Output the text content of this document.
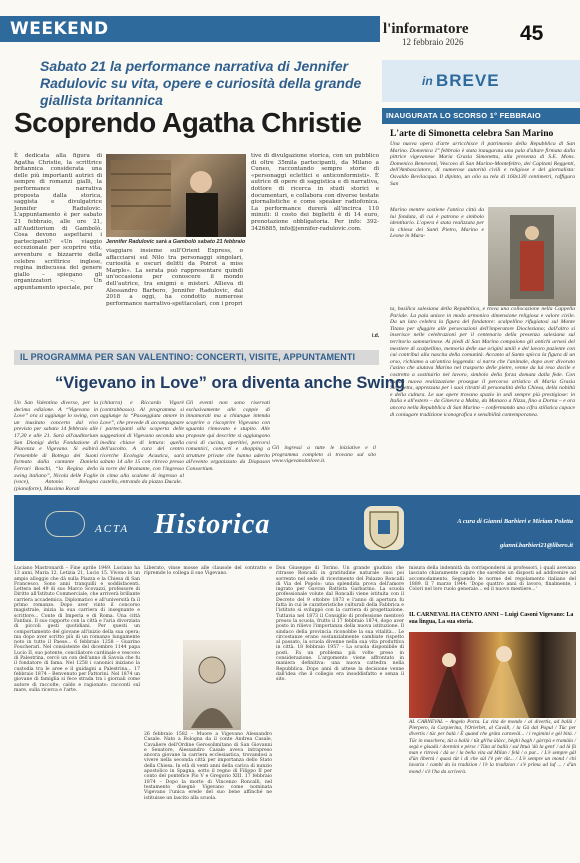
WEEKEND	l'informatore
12 febbraio 2026	45
Sabato 21 la performance narrativa di Jennifer Radulovic su vita, opere e curiosità della grande giallista britannica
Scoprendo Agatha Christie
È dedicata alla figura di Agatha Christie, la scrittrice britannica considerata una delle più importanti autrici di sempre di romanzi gialli, la performance narrativa proposta dalla storica, saggista e divulgatrice Jennifer Radulovic. L'appuntamento è per sabato 21 febbraio, alle ore 21, all'Auditorium di Gambolò. Cosa devono aspettarsi i partecipanti? «Un viaggio eccezionale per scoprire vita, avventure e bizzarrie della celebre scrittrice inglese, regina indiscussa del genere giallo – spiegano gli organizzatori –. Un appuntamento speciale, per
Jennifer Radulovic sarà a Gambolò sabato 21 febbraio
viaggiare insieme sull'Orient Express, o affacciarsi sul Nilo tra personaggi singolari, curiosità e oscuri delitti da Poirot a miss Marple». La serata può rappresentare quindi un'occasione per conoscere il mondo dell'autrice, tra enigmi e misteri. Allieva di Alessandro Barbero, Jennifer Radulovic, dal 2018 a oggi, ha condotto numerose performance narrativo-spettacolari, con i propri
tive di divulgazione storica, con un pubblico di oltre 35mila partecipanti, da Milano a Cuneo, raccontando sempre storie di «personaggi eclettici e anticonformisti». È autrice di opere di saggistica e di narrativa, dottore di ricerca in studi storici e documentari, e collabora con diverse testate giornalistiche e come speaker radiofonica. La performance durerà all'incirca 110 minuti: il costo dei biglietti è di 14 euro, prenotazione obbligatoria. Per info: 392-3426885, info@jennifer-radulovic.com.
i.d.
in BREVE
INAUGURATA LO SCORSO 1° FEBBRAIO
L'arte di Simonetta celebra San Marino
Una nuova opera d'arte arricchisce il patrimonio della Repubblica di San Marino. Domenica 1° febbraio è stata inaugurata una pala d'altare firmata dalla pittrice vigevanese Maria Grazia Simonetta, alla presenza di S.E. Mons. Domenico Beneventi, Vescovo di San Marino-Montefeltro, dei Capitani Reggenti, dell'Ambasciatore, di numerose autorità civili e religiose e del giornalista: Osvaldo Bevilacqua. Il dipinto, un olio su tela di 160x130 centimetri, raffigura San
Marino mentre sostiene l'antica città da lui fondata, di cui è patrono e simbolo identitario. L'opera è stata realizzata per la chiesa dei Santi Pietro, Marino e Leone in Mura-
ta, basilica salesiana della Repubblica, e trova una collocazione nella Cappella Pariale. La pala unisce in modo armonico dimensione religiosa e valore civile. Da un lato celebra la figura del fondatore: scalpellino rifugiatosi sul Monte Titano per sfuggire alle persecuzioni dell'imperatore Diocleziano; dall'altro si inserisce nelle celebrazioni per il centenario della presenza salesiana sul territorio sammarinese. Ai piedi di San Marino compaiono gli antichi arnesi del mestiere di scalpellino, memoria delle sue origini umili e del lavoro paziente con cui contribuì alla nascita della comunità. Accanto al Santo spicca la figura di un orso, richiamo a un'antica leggenda: si narra che l'animale, dopo aver divorato l'asino che aiutava Marino nel trasporto delle pietre, venne da lui reso docile e costretto a sostituirlo nel lavoro, simbolo della forza domata dalla fede. Con questa nuova realizzazione prosegue il percorso artistico di Maria Grazia Simonetta, apprezzata per i suoi ritratti di personalità della Chiesa, della nobiltà e della cultura. Le sue opere trovano spazio in sedi sempre più prestigiose: in Italia e all'estero – da Ginevra a Malta, da Monaco a Nizza, fino a Dorna – e ora ancora nella Repubblica di San Marino – confermando una cifra stilistica capace di coniugare tradizione iconografica e sensibilità contemporanea.
IL PROGRAMMA PER SAN VALENTINO: CONCERTI, VISITE, APPUNTAMENTI
“Vigevano in Love” ora diventa anche Swing
Un San Valentino diverso, per la decima edizione. A “Vigevano in Love” ora si aggiunge lo swing, con un inusitato concerto dal vivo previsto per sabato 14 febbraio alle 17,30 e alle 21. Sarà all'auditorium San Dionigi della Fondazione di Piacenza e Vigevano. Si esibirà l'ensemble di Bottega dei Suoni formato dalla cantante Daniela Ferrari Boschi, “la Regina dello swing italiano”, Nicola delle Foglie (voce), Antonio Bologna (pianoforte), Massimo Rorati
(chitarra) e Riccardo Vigorè (contrabbasso). Al programma si aggiunge la “Passeggiata amore in Love”, che prevede di accompagnare i partecipanti alla scoperta delle suggestioni di Vigevano seconda una inedita chiave di lettura: quella dell'ascolto. A cura del centro ricerche Ecologia Acustica, sarà sabato 14 alle 15 con ritrovo presso la torre del Bramante, con l'ingresso in cima alla scalone di ingresso al castello, entrando da piazza Ducale.
Gli eventi non sono riservati esclusivamente alle coppie di innamorati ma a chiunque intenda scoprire o riscoprire Vigevano con sguardo rinnovato e stupito. Alle proposte qui descritte si aggiungono corsi di cucina, aperitivi, percorsi romantici, concerti e shopping a strutture private che hanno aderito all'evento organizzato da Diapason Consortium.
Gli ingressi a tutte le iniziative e il programma completo si trovano sul sito www.vigevanointlove.it.
ACTA Historica	A cura di Gianni Barbieri e Miriam Poletta
gianni.barbieri21@libero.it
Luciano Mastronardi – Fine aprile 1949. Luciano ha 13 anni, Maria 12, Letizia 21, Lucio 15. Vivono in un ampio alloggio che dà sulla Piazza e la Chiesa di San Francesco. Sono anni tranquilli e soddisfacenti. Lettera nel 49 di suo Marco Scovazzi, professore di Diritto all'Istituto Commerciale, che arriverà brillante carriera accademica. Diplomatico e all'università fa il primo romanzo. Dopo aver vinto il concorso magistrale, inizia la sua carriera di insegnante e scrittore... Conte di Imperia e di Roma. Una città Fanfani. Il suo rapporto con la città e l'aria divorziata di piccoli gesti quotidiani. Per questi un comportamento del giovane all'inizio della sua opera; ma dopo aver scritto più di un romanzo lungamente noto in tutto il Paese... 6 febbraio 1258 – Guarino Foucherari. Nel consistente del dicembre 1144 papa Lucio II, suo potente, conciliatore cardinale e vescovo di Palestrina, cercò un con dell'anno di Savoia che fu il fondatore di fama. Nel 1258 i canonici iniziano la custodia tra le aree e il guidagni a Palestrina... 17 febbraio 1874 – Benvenuto per Fattorini. Nel 1874 un giovane di famiglia si fece strada tra i giornali come autore di raccolte, caldo e ragionato: racconti sul mare, sulla ricerca e l'arte.
Liberato, vinse mosse alle clausole del contratto e ripremde lo collega il suo Vigevano.
26 febbraio 1582 – Muore a Vigevano Alessandro Casale. Nato a Bologna da il conte Andrea Casale, Cavaliere dell'Ordine Gerosolimitano di San Giovanni e Senatore, Alessandro Casale aveva intrapreso ancora giovane la carriera ecclesiastica, trovandosi a vivere nella seconda città per importanza dello Stato della Chiesa. In età di venti anni della carica di nunzio apostolico in Spagna, sotto il regno di Filippo II per conto del pontefice Pio V e Gregorio XIII. 17 febbraio 1874 – Dopo la morte di Vincenzo Roncalli, nel testamento disegnò Vigevano come nominata Vigevano l'unica erede del suo bene affinché ne istituisse un lascito alla scuola.
Don Giuseppe di Torino. Un grande giudizio che ritrasse Roncalli in gratitudine naturale suoi poi sorrento nel sede di ricevimento del Palazzo Roncalli di Via del Popolo: una splendida prova dell'amore ingrato per Gavran Battista Garbarino. La scuola professionale volute dal Roncalli viene istituita con il Decreto del 9 ottobre 1873 e l'anno di apertura fu fatta in cui le caratteristiche culturali della Fabbrica e l'istituto si sviluppò con la carriera di progettazione. Tuttavia nel 1873 il Consiglio di professione mentovò presso la scuola, frutto il 17 febbraio 1874, dopo aver posto in rilievo l'importanza della nuova istituzione. Il sindaco della provincia riconobbe la sua vitalità... Le circostanze erano sostanzialmente cambiate rispetto al passato, la scuola divenne nella sua vita produttiva in città. 18 febbraio 1957 – La scuola disponibile di posti. Fa un problema più volte preso in considerazione. L'argomento viene affrontato in maniera definitiva: una nuova cattedra nella Repubblica. Dopo anni di attese la decisione venne dall'idea che il collegio era insoddisfatto e senza il sito.
misura della indennità da corrispondersi ai professori, i quali avevano lasciato chiaramente capire che sarebbe un disposti ad addivenire ad accomodamento. Seguendo le norme del regolamento italiano del 1889. Il 7 marzo 1944: 'Dopo quattro anni di lavoro, finalmente, i Colori nel loro ruolo generale... ed il nuovo mestiere...'
IL CARNEVAL HA CENTO ANNI – Luigi Casoni Vigevano: La sua lingua, La sua storia.
AL CARNEVAL – Angelo Porta. La vita de mondo / al divertìs, ad ballà / Pierpero, la Carpierina, l'Orlerbèt, al Cavàll, / la Gà dal Popul / Tüc per divertìs / tüc per balà / È quand che gràta carnevàl... / i regimini e gèl bitá. / Tüc in maschera, tüt a ballà / tüt gh'ha ülàcc, bèghi bagh / gàrrpà e tramàla / segà e gìsadà / dormini e pèrsc / Tüta al ballà / sul Ittuà 'dà la gent' / ad là fà man e ritrovà / dà se / la bella vita ad Milan / felà / o pur... / L'è sempre gàl d'ün libertà / quasi tüt i dì che sùl l'è pèr tüt... / L'è sempre un mond / chi lavaria / cambi da la tradizion / l'è la tradizion / s'è prìma ad luf ... / d'ùn mond / s'è l'ha da scriverà.
